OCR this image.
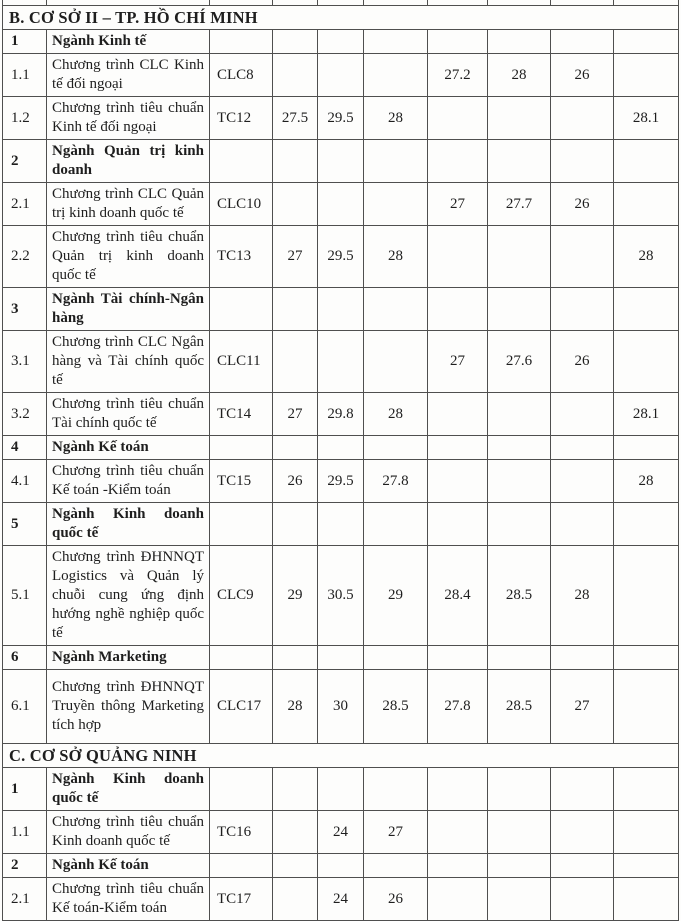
B. CƠ SỞ II – TP. HỒ CHÍ MINH									
1	Ngành Kinh tế								
1.1	Chương trình CLC Kinh tế đối ngoại	CLC8				27.2	28	26	
1.2	Chương trình tiêu chuẩn Kinh tế đối ngoại	TC12	27.5	29.5	28				28.1
2	Ngành Quản trị kinh doanh								
2.1	Chương trình CLC Quản trị kinh doanh quốc tế	CLC10				27	27.7	26	
2.2	Chương trình tiêu chuẩn Quản trị kinh doanh quốc tế	TC13	27	29.5	28				28
3	Ngành Tài chính-Ngân hàng								
3.1	Chương trình CLC Ngân hàng và Tài chính quốc tế	CLC11				27	27.6	26	
3.2	Chương trình tiêu chuẩn Tài chính quốc tế	TC14	27	29.8	28				28.1
4	Ngành Kế toán								
4.1	Chương trình tiêu chuẩn Kế toán -Kiểm toán	TC15	26	29.5	27.8				28
5	Ngành Kinh doanh quốc tế								
5.1	Chương trình ĐHNNQT Logistics và Quản lý chuỗi cung ứng định hướng nghề nghiệp quốc tế	CLC9	29	30.5	29	28.4	28.5	28	
6	Ngành Marketing								
6.1	Chương trình ĐHNNQT Truyền thông Marketing tích hợp	CLC17	28	30	28.5	27.8	28.5	27	
C. CƠ SỞ QUẢNG NINH									
1	Ngành Kinh doanh quốc tế								
1.1	Chương trình tiêu chuẩn Kinh doanh quốc tế	TC16		24	27				
2	Ngành Kế toán								
2.1	Chương trình tiêu chuẩn Kế toán-Kiểm toán	TC17		24	26				
